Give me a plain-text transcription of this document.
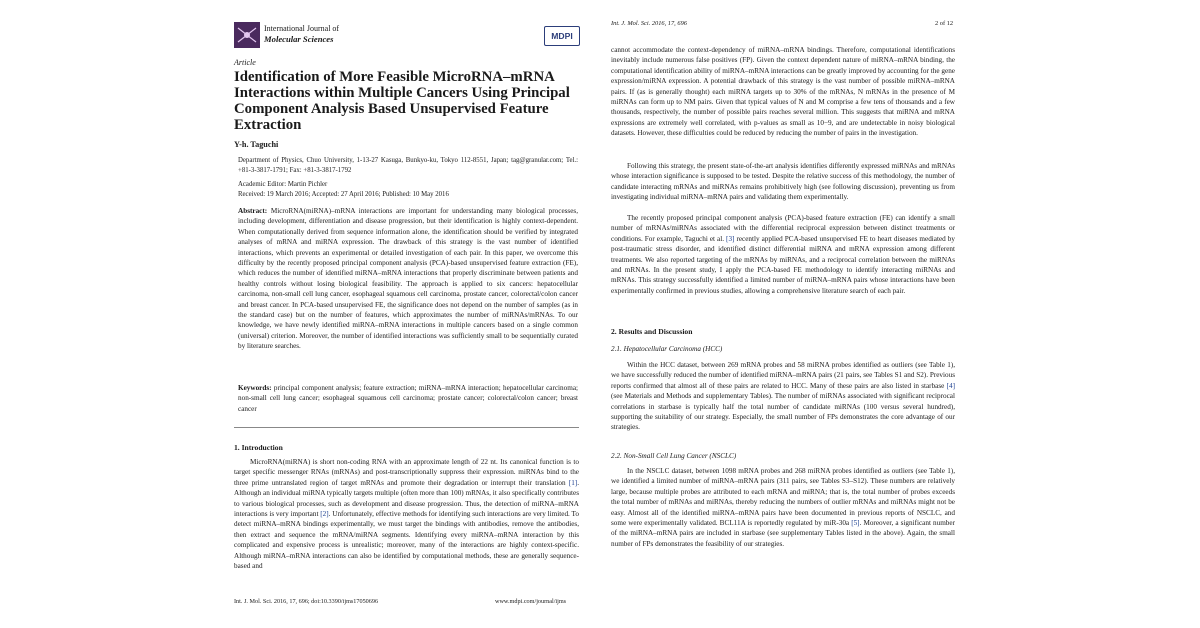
International Journal of
Molecular Sciences	MDPI
Article
Identification of More Feasible MicroRNA–mRNA Interactions within Multiple Cancers Using Principal Component Analysis Based Unsupervised Feature Extraction
Y-h. Taguchi
Department of Physics, Chuo University, 1-13-27 Kasuga, Bunkyo-ku, Tokyo 112-8551, Japan; tag@granular.com; Tel.: +81-3-3817-1791; Fax: +81-3-3817-1792

Academic Editor: Martin Pichler

Received: 19 March 2016; Accepted: 27 April 2016; Published: 10 May 2016

Abstract: MicroRNA(miRNA)–mRNA interactions are important for understanding many biological processes, including development, differentiation and disease progression, but their identification is highly context-dependent. When computationally derived from sequence information alone, the identification should be verified by integrated analyses of mRNA and miRNA expression. The drawback of this strategy is the vast number of identified interactions, which prevents an experimental or detailed investigation of each pair. In this paper, we overcome this difficulty by the recently proposed principal component analysis (PCA)-based unsupervised feature extraction (FE), which reduces the number of identified miRNA–mRNA interactions that properly discriminate between patients and healthy controls without losing biological feasibility. The approach is applied to six cancers: hepatocellular carcinoma, non-small cell lung cancer, esophageal squamous cell carcinoma, prostate cancer, colorectal/colon cancer and breast cancer. In PCA-based unsupervised FE, the significance does not depend on the number of samples (as in the standard case) but on the number of features, which approximates the number of miRNAs/mRNAs. To our knowledge, we have newly identified miRNA–mRNA interactions in multiple cancers based on a single common (universal) criterion. Moreover, the number of identified interactions was sufficiently small to be sequentially curated by literature searches.
Keywords: principal component analysis; feature extraction; miRNA–mRNA interaction; hepatocellular carcinoma; non-small cell lung cancer; esophageal squamous cell carcinoma; prostate cancer; colorectal/colon cancer; breast cancer
1. Introduction
MicroRNA(miRNA) is short non-coding RNA with an approximate length of 22 nt. Its canonical function is to target specific messenger RNAs (mRNAs) and post-transcriptionally suppress their expression. miRNAs bind to the three prime untranslated region of target mRNAs and promote their degradation or interrupt their translation [1]. Although an individual miRNA typically targets multiple (often more than 100) mRNAs, it also specifically contributes to various biological processes, such as development and disease progression. Thus, the detection of miRNA–mRNA interactions is very important [2]. Unfortunately, effective methods for identifying such interactions are very limited. To detect miRNA–mRNA bindings experimentally, we must target the bindings with antibodies, remove the antibodies, then extract and sequence the mRNA/miRNA segments. Identifying every miRNA–mRNA interaction by this complicated and expensive process is unrealistic; moreover, many of the interactions are highly context-specific. Although miRNA–mRNA interactions can also be identified by computational methods, these are generally sequence-based and
Int. J. Mol. Sci. 2016, 17, 696; doi:10.3390/ijms17050696	www.mdpi.com/journal/ijms
Int. J. Mol. Sci. 2016, 17, 696	2 of 12
cannot accommodate the context-dependency of miRNA–mRNA bindings. Therefore, computational identifications inevitably include numerous false positives (FP). Given the context dependent nature of miRNA–mRNA binding, the computational identification ability of miRNA–mRNA interactions can be greatly improved by accounting for the gene expression/miRNA expression. A potential drawback of this strategy is the vast number of possible miRNA–mRNA pairs. If (as is generally thought) each miRNA targets up to 30% of the mRNAs, N mRNAs in the presence of M miRNAs can form up to NM pairs. Given that typical values of N and M comprise a few tens of thousands and a few thousands, respectively, the number of possible pairs reaches several million. This suggests that miRNA and mRNA expressions are extremely well correlated, with p-values as small as 10−9, and are undetectable in noisy biological datasets. However, these difficulties could be reduced by reducing the number of pairs in the investigation.
Following this strategy, the present state-of-the-art analysis identifies differently expressed miRNAs and mRNAs whose interaction significance is supposed to be tested. Despite the relative success of this methodology, the number of candidate interacting mRNAs and miRNAs remains prohibitively high (see following discussion), preventing us from investigating individual miRNA–mRNA pairs and validating them experimentally.
The recently proposed principal component analysis (PCA)-based feature extraction (FE) can identify a small number of mRNAs/miRNAs associated with the differential reciprocal expression between distinct treatments or conditions. For example, Taguchi et al. [3] recently applied PCA-based unsupervised FE to heart diseases mediated by post-traumatic stress disorder, and identified distinct differential miRNA and mRNA expression among different treatments. We also reported targeting of the mRNAs by miRNAs, and a reciprocal correlation between the miRNAs and mRNAs. In the present study, I apply the PCA-based FE methodology to identify interacting miRNAs and mRNAs. This strategy successfully identified a limited number of miRNA–mRNA pairs whose interactions have been experimentally confirmed in previous studies, allowing a comprehensive literature search of each pair.
2. Results and Discussion
2.1. Hepatocellular Carcinoma (HCC)
Within the HCC dataset, between 269 mRNA probes and 58 miRNA probes identified as outliers (see Table 1), we have successfully reduced the number of identified miRNA–mRNA pairs (21 pairs, see Tables S1 and S2). Previous reports confirmed that almost all of these pairs are related to HCC. Many of these pairs are also listed in starbase [4] (see Materials and Methods and supplementary Tables). The number of miRNAs associated with significant reciprocal correlations in starbase is typically half the total number of candidate miRNAs (100 versus several hundred), supporting the suitability of our strategy. Especially, the small number of FPs demonstrates the core advantage of our strategies.
2.2. Non-Small Cell Lung Cancer (NSCLC)
In the NSCLC dataset, between 1098 mRNA probes and 268 miRNA probes identified as outliers (see Table 1), we identified a limited number of miRNA–mRNA pairs (311 pairs, see Tables S3–S12). These numbers are relatively large, because multiple probes are attributed to each mRNA and miRNA; that is, the total number of probes exceeds the total number of mRNAs and miRNAs, thereby reducing the numbers of outlier mRNAs and miRNAs might not be easy. Almost all of the identified miRNA–mRNA pairs have been documented in previous reports of NSCLC, and some were experimentally validated. BCL11A is reportedly regulated by miR-30a [5]. Moreover, a significant number of the miRNA–mRNA pairs are included in starbase (see supplementary Tables listed in the above). Again, the small number of FPs demonstrates the feasibility of our strategies.
